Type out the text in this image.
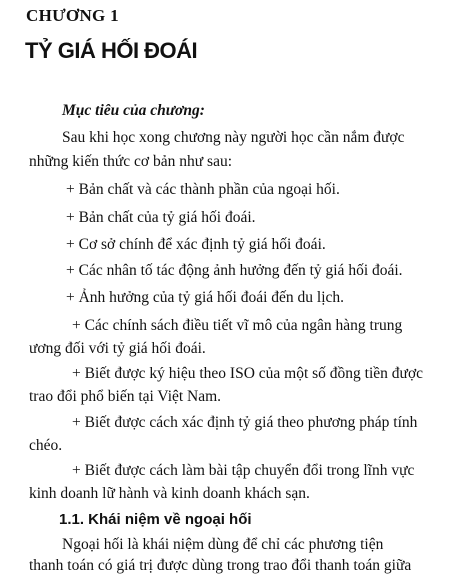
CHƯƠNG 1
TỶ GIÁ HỐI ĐOÁI
Mục tiêu của chương:
Sau khi học xong chương này người học cần nắm được
những kiến thức cơ bản như sau:
+ Bản chất và các thành phần của ngoại hối.
+ Bản chất của tỷ giá hối đoái.
+ Cơ sở chính để xác định tỷ giá hối đoái.
+ Các nhân tố tác động ảnh hưởng đến tỷ giá hối đoái.
+ Ảnh hưởng của tỷ giá hối đoái đến du lịch.
+ Các chính sách điều tiết vĩ mô của ngân hàng trung
ương đối với tỷ giá hối đoái.
+ Biết được ký hiệu theo ISO của một số đồng tiền được
trao đổi phổ biến tại Việt Nam.
+ Biết được cách xác định tỷ giá theo phương pháp tính
chéo.
+ Biết được cách làm bài tập chuyển đổi trong lĩnh vực
kinh doanh lữ hành và kinh doanh khách sạn.
1.1. Khái niệm về ngoại hối
Ngoại hối là khái niệm dùng để chỉ các phương tiện
thanh toán có giá trị được dùng trong trao đổi thanh toán giữa
